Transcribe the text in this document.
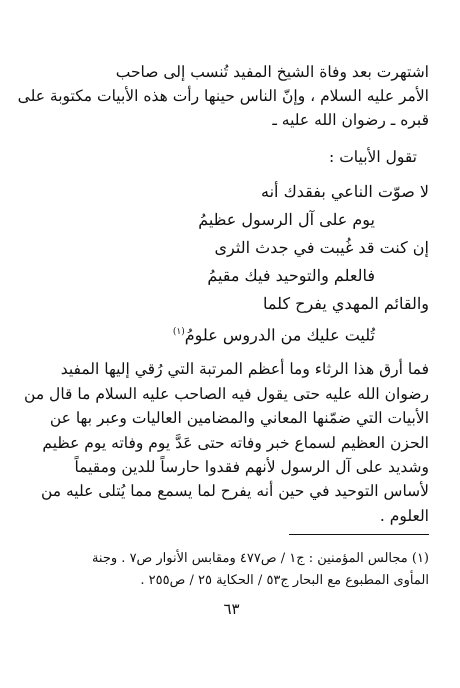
اشتهرت بعد وفاة الشيخ المفيد تُنسب إلى صاحب
الأمر عليه السلام ، وإنّ الناس حينها رأت هذه الأبيات مكتوبة على
قبره ـ رضوان الله عليه ـ
تقول الأبيات :
لا صوّت الناعي بفقدك أنه
يوم على آل الرسول عظيمُ
إن كنت قد غُيبت في جدث الثرى
فالعلم والتوحيد فيك مقيمُ
والقائم المهدي يفرح كلما
تُليت عليك من الدروس علومُ$^{(١)}$
فما أرق هذا الرثاء وما أعظم المرتبة التي رُقي إليها المفيد
رضوان الله عليه حتى يقول فيه الصاحب عليه السلام ما قال من
الأبيات التي ضمّنها المعاني والمضامين العاليات وعبر بها عن
الحزن العظيم لسماع خبر وفاته حتى عَدَّ يوم وفاته يوم عظيم
وشديد على آل الرسول لأنهم فقدوا حارساً للدين ومقيماً
لأساس التوحيد في حين أنه يفرح لما يسمع مما يُتلى عليه من
العلوم .
(١) مجالس المؤمنين : ج١ / ص٤٧٧ ومقابس الأنوار ص٧ . وجنة
المأوى المطبوع مع البحار ج٥٣ / الحكاية ٢٥ / ص٢٥٥ .
٦٣
